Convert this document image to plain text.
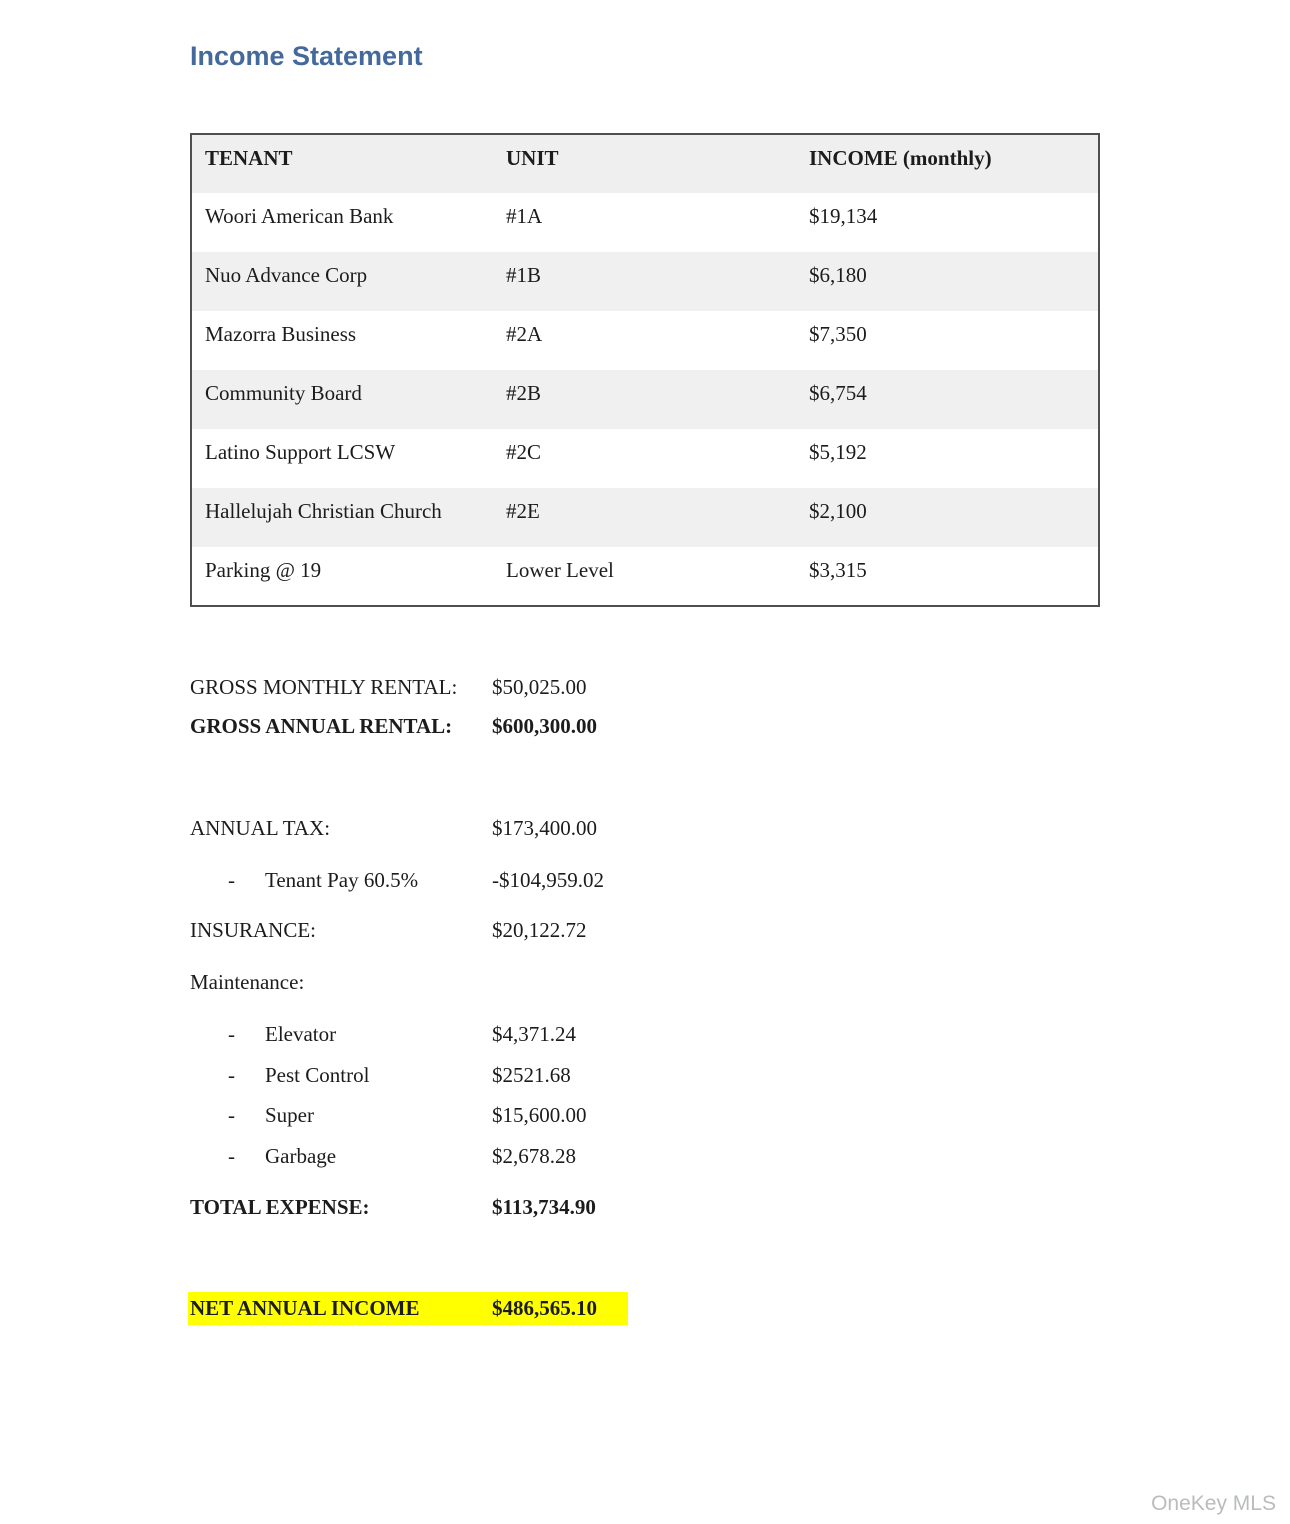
Income Statement
TENANT	UNIT	INCOME (monthly)
Woori American Bank	#1A	$19,134
Nuo Advance Corp	#1B	$6,180
Mazorra Business	#2A	$7,350
Community Board	#2B	$6,754
Latino Support LCSW	#2C	$5,192
Hallelujah Christian Church	#2E	$2,100
Parking @ 19	Lower Level	$3,315
GROSS MONTHLY RENTAL: $50,025.00
GROSS ANNUAL RENTAL: $600,300.00
ANNUAL TAX:	$173,400.00
- Tenant Pay 60.5%	-$104,959.02
INSURANCE:	$20,122.72
Maintenance:
- Elevator	$4,371.24
- Pest Control	$2521.68
- Super	$15,600.00
- Garbage	$2,678.28
TOTAL EXPENSE:	$113,734.90
NET ANNUAL INCOME	$486,565.10
OneKey MLS
